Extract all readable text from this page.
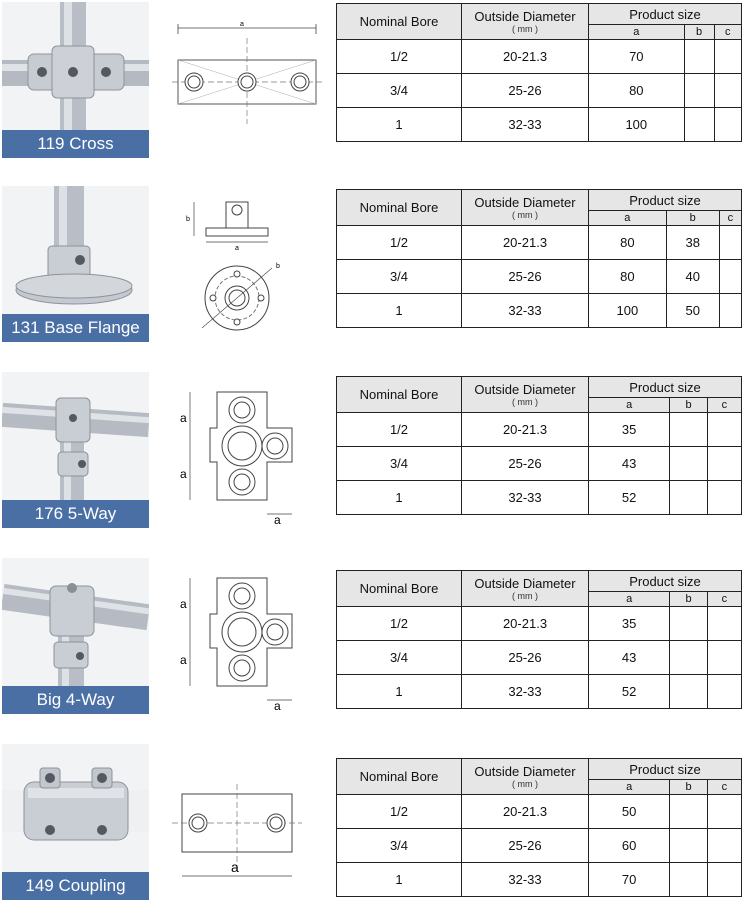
119 Cross
a	Nominal Bore	Outside Diameter
( mm )	Product size		
		a	b	c
1/2	20-21.3	70		
3/4	25-26	80		
1	32-33	100		
131 Base Flange
b
a
b
Nominal Bore	Outside Diameter
( mm )	Product size		
		a	b	c
1/2	20-21.3	80	38	
3/4	25-26	80	40	
1	32-33	100	50	
176 5-Way
a
a
a
Nominal Bore	Outside Diameter
( mm )	Product size		
		a	b	c
1/2	20-21.3	35		
3/4	25-26	43		
1	32-33	52		
Big 4-Way
a
a
a
Nominal Bore	Outside Diameter
( mm )	Product size		
		a	b	c
1/2	20-21.3	35		
3/4	25-26	43		
1	32-33	52		
149 Coupling
a
Nominal Bore	Outside Diameter
( mm )	Product size		
		a	b	c
1/2	20-21.3	50		
3/4	25-26	60		
1	32-33	70		
